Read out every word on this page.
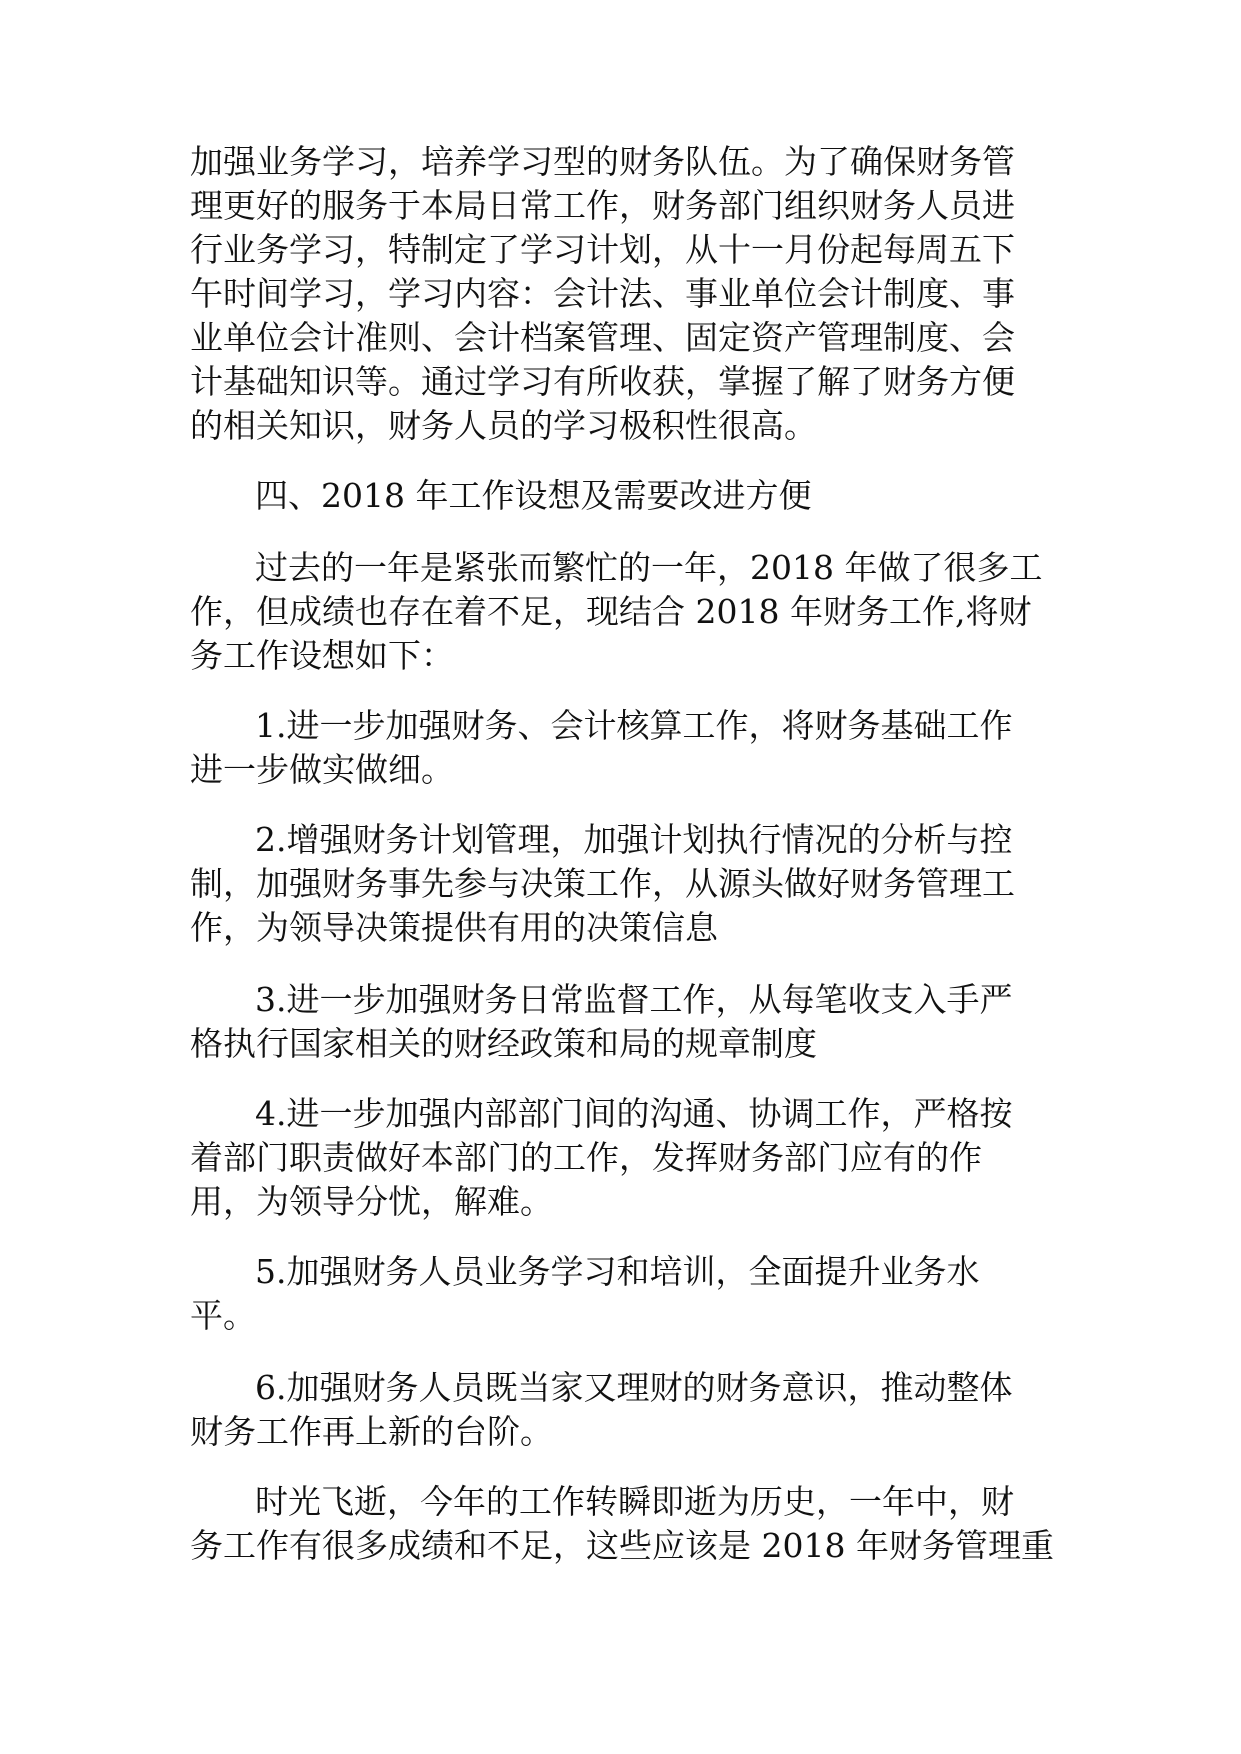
加强业务学习，培养学习型的财务队伍。为了确保财务管

理更好的服务于本局日常工作，财务部门组织财务人员进

行业务学习，特制定了学习计划，从十一月份起每周五下

午时间学习，学习内容：会计法、事业单位会计制度、事

业单位会计准则、会计档案管理、固定资产管理制度、会

计基础知识等。通过学习有所收获，掌握了解了财务方便

的相关知识，财务人员的学习极积性很高。

四、2018 年工作设想及需要改进方便

过去的一年是紧张而繁忙的一年，2018 年做了很多工

作，但成绩也存在着不足，现结合 2018 年财务工作,将财

务工作设想如下：

1.进一步加强财务、会计核算工作，将财务基础工作

进一步做实做细。

2.增强财务计划管理，加强计划执行情况的分析与控

制，加强财务事先参与决策工作，从源头做好财务管理工

作，为领导决策提供有用的决策信息

3.进一步加强财务日常监督工作，从每笔收支入手严

格执行国家相关的财经政策和局的规章制度

4.进一步加强内部部门间的沟通、协调工作，严格按

着部门职责做好本部门的工作，发挥财务部门应有的作

用，为领导分忧，解难。

5.加强财务人员业务学习和培训，全面提升业务水

平。

6.加强财务人员既当家又理财的财务意识，推动整体

财务工作再上新的台阶。

时光飞逝，今年的工作转瞬即逝为历史，一年中，财

务工作有很多成绩和不足，这些应该是 2018 年财务管理重
